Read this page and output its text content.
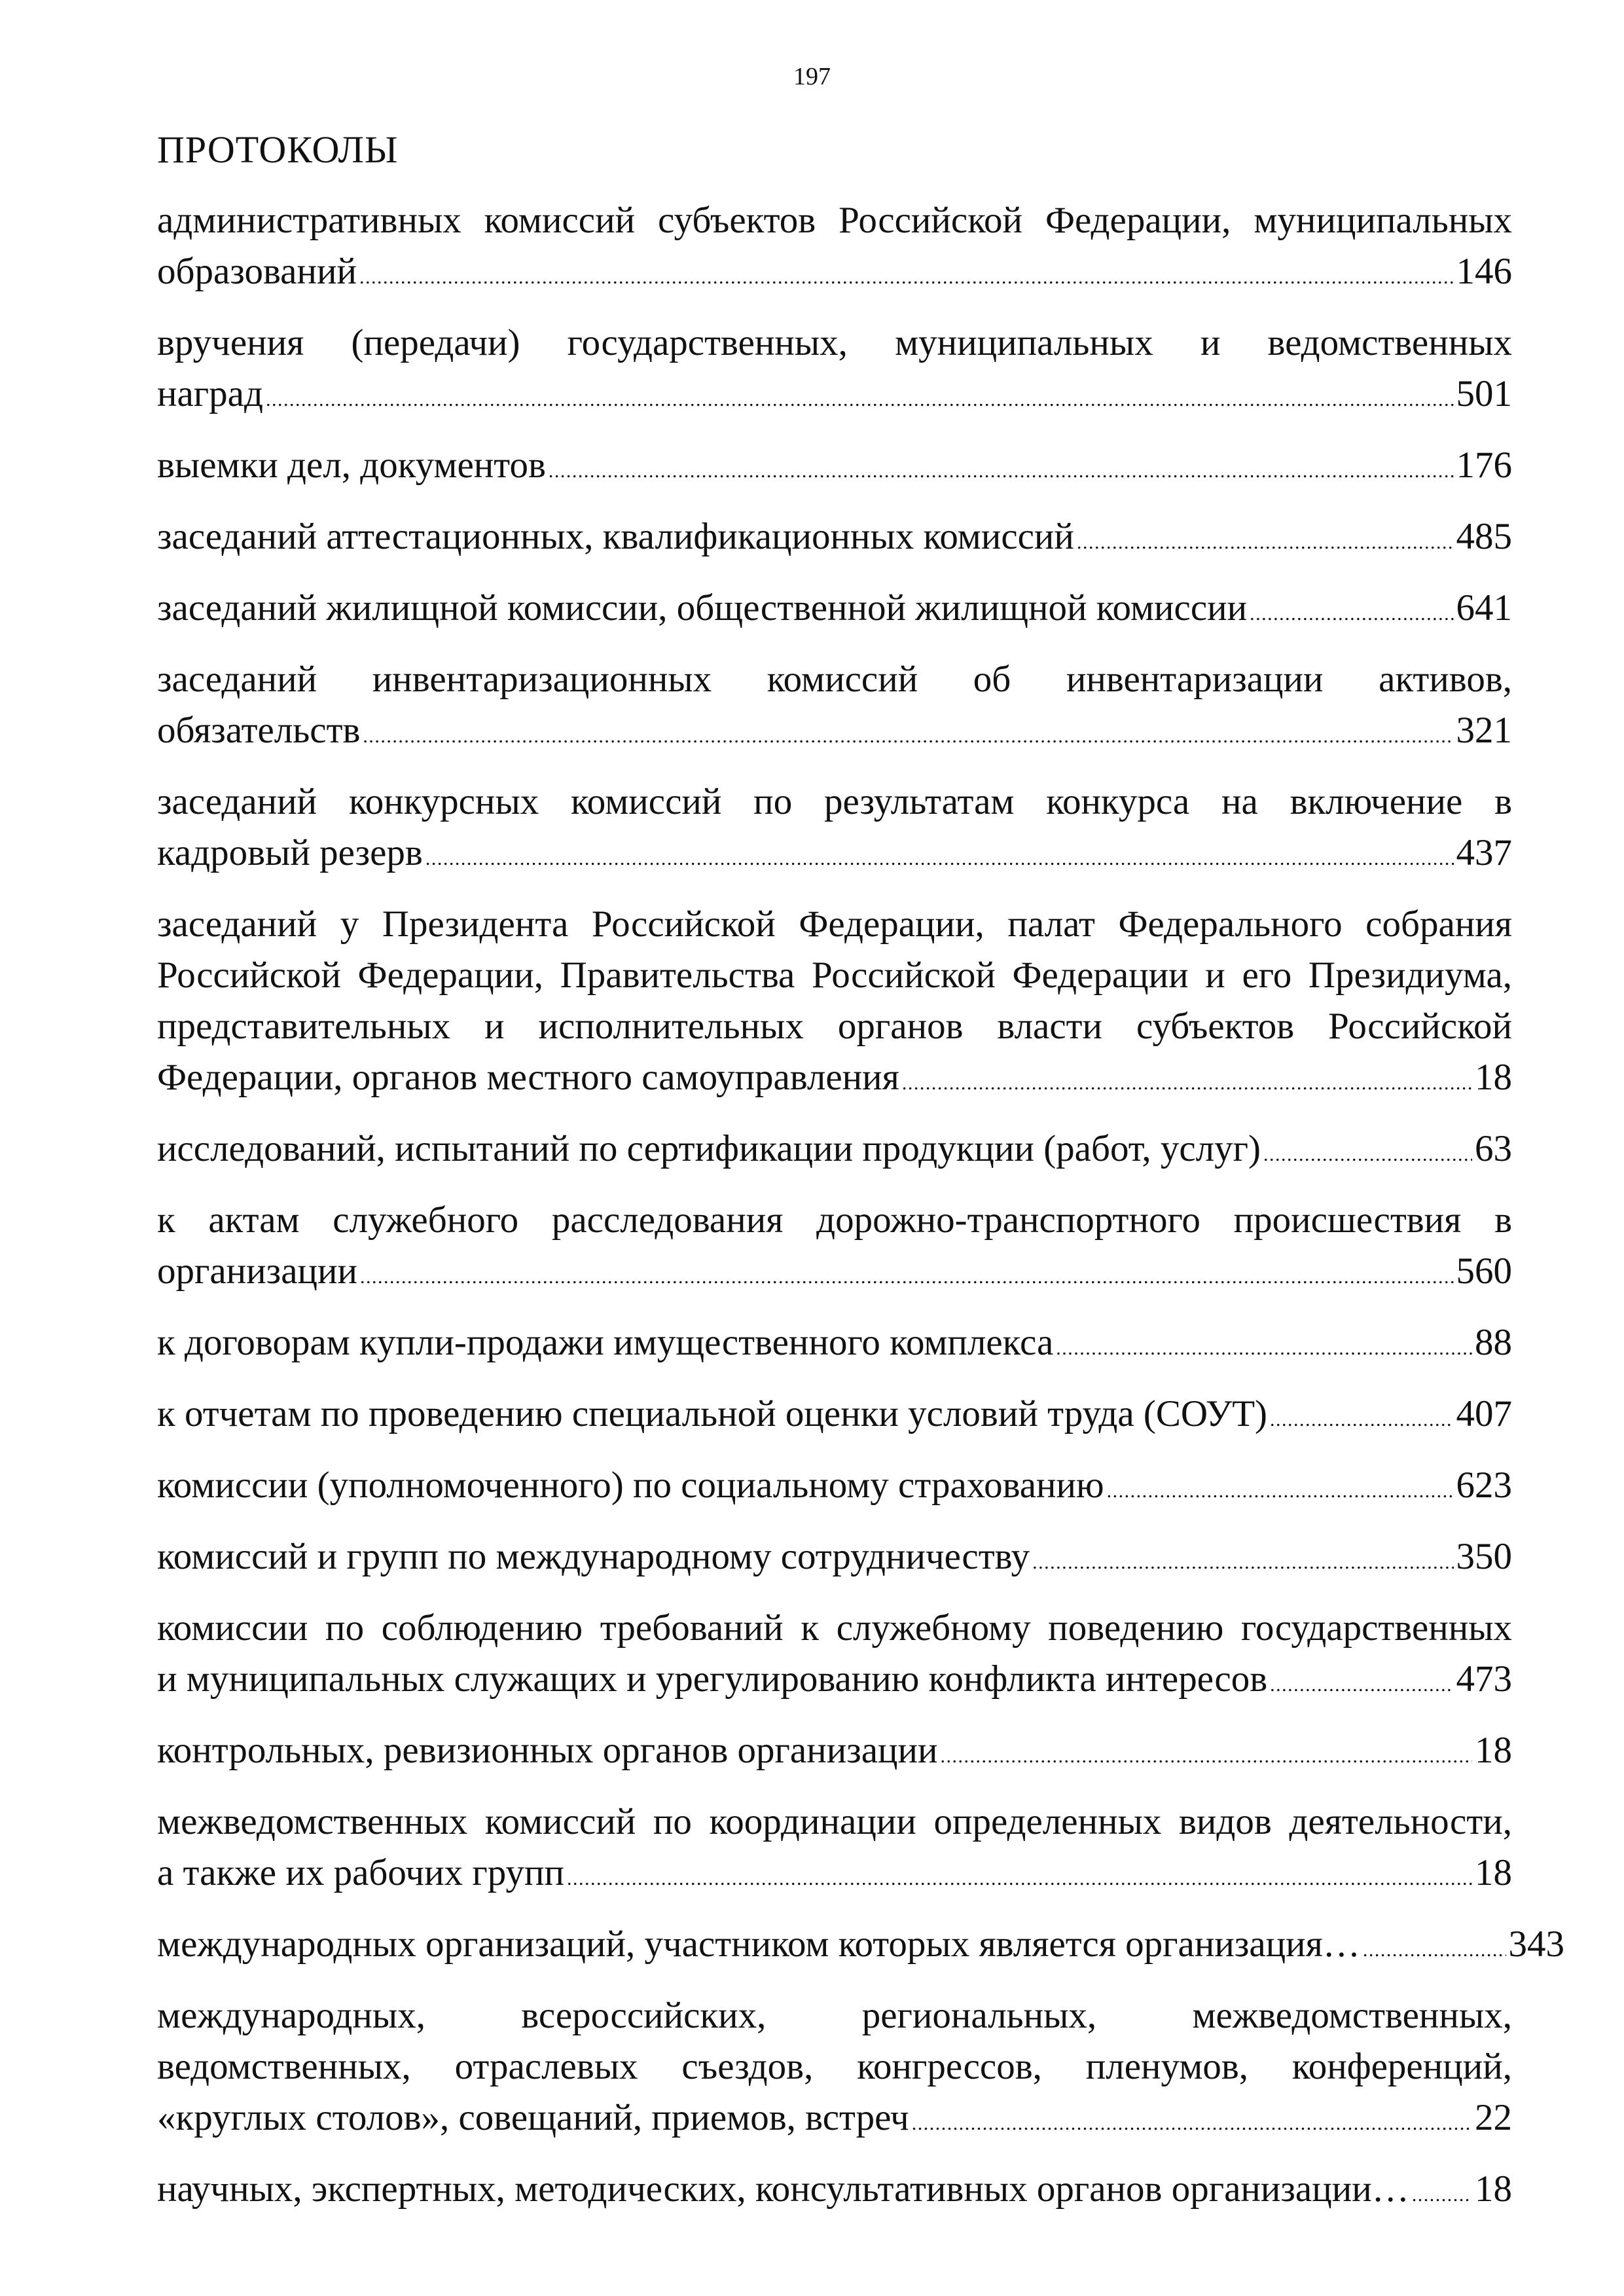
197
ПРОТОКОЛЫ
административных комиссий субъектов Российской Федерации, муниципальных
образований . . .	146
вручения (передачи) государственных, муниципальных и ведомственных
наград . . .	501
выемки дел, документов . . .	176
заседаний аттестационных, квалификационных комиссий . . .	485
заседаний жилищной комиссии, общественной жилищной комиссии . . .	641
заседаний инвентаризационных комиссий об инвентаризации активов,
обязательств . . .	321
заседаний конкурсных комиссий по результатам конкурса на включение в
кадровый резерв . . .	437
заседаний у Президента Российской Федерации, палат Федерального собрания
Российской Федерации, Правительства Российской Федерации и его Президиума,
представительных и исполнительных органов власти субъектов Российской
Федерации, органов местного самоуправления . . .	18
исследований, испытаний по сертификации продукции (работ, услуг) . . .	63
к актам служебного расследования дорожно-транспортного происшествия в
организации . . .	560
к договорам купли-продажи имущественного комплекса . . .	88
к отчетам по проведению специальной оценки условий труда (СОУТ) . . .	407
комиссии (уполномоченного) по социальному страхованию . . .	623
комиссий и групп по международному сотрудничеству . . .	350
комиссии по соблюдению требований к служебному поведению государственных
и муниципальных служащих и урегулированию конфликта интересов . . .	473
контрольных, ревизионных органов организации . . .	18
межведомственных комиссий по координации определенных видов деятельности,
а также их рабочих групп . . .	18
международных организаций, участником которых является организация… . . .	343
международных, всероссийских, региональных, межведомственных,
ведомственных, отраслевых съездов, конгрессов, пленумов, конференций,
«круглых столов», совещаний, приемов, встреч . . .	22
научных, экспертных, методических, консультативных органов организации… . . . 18
